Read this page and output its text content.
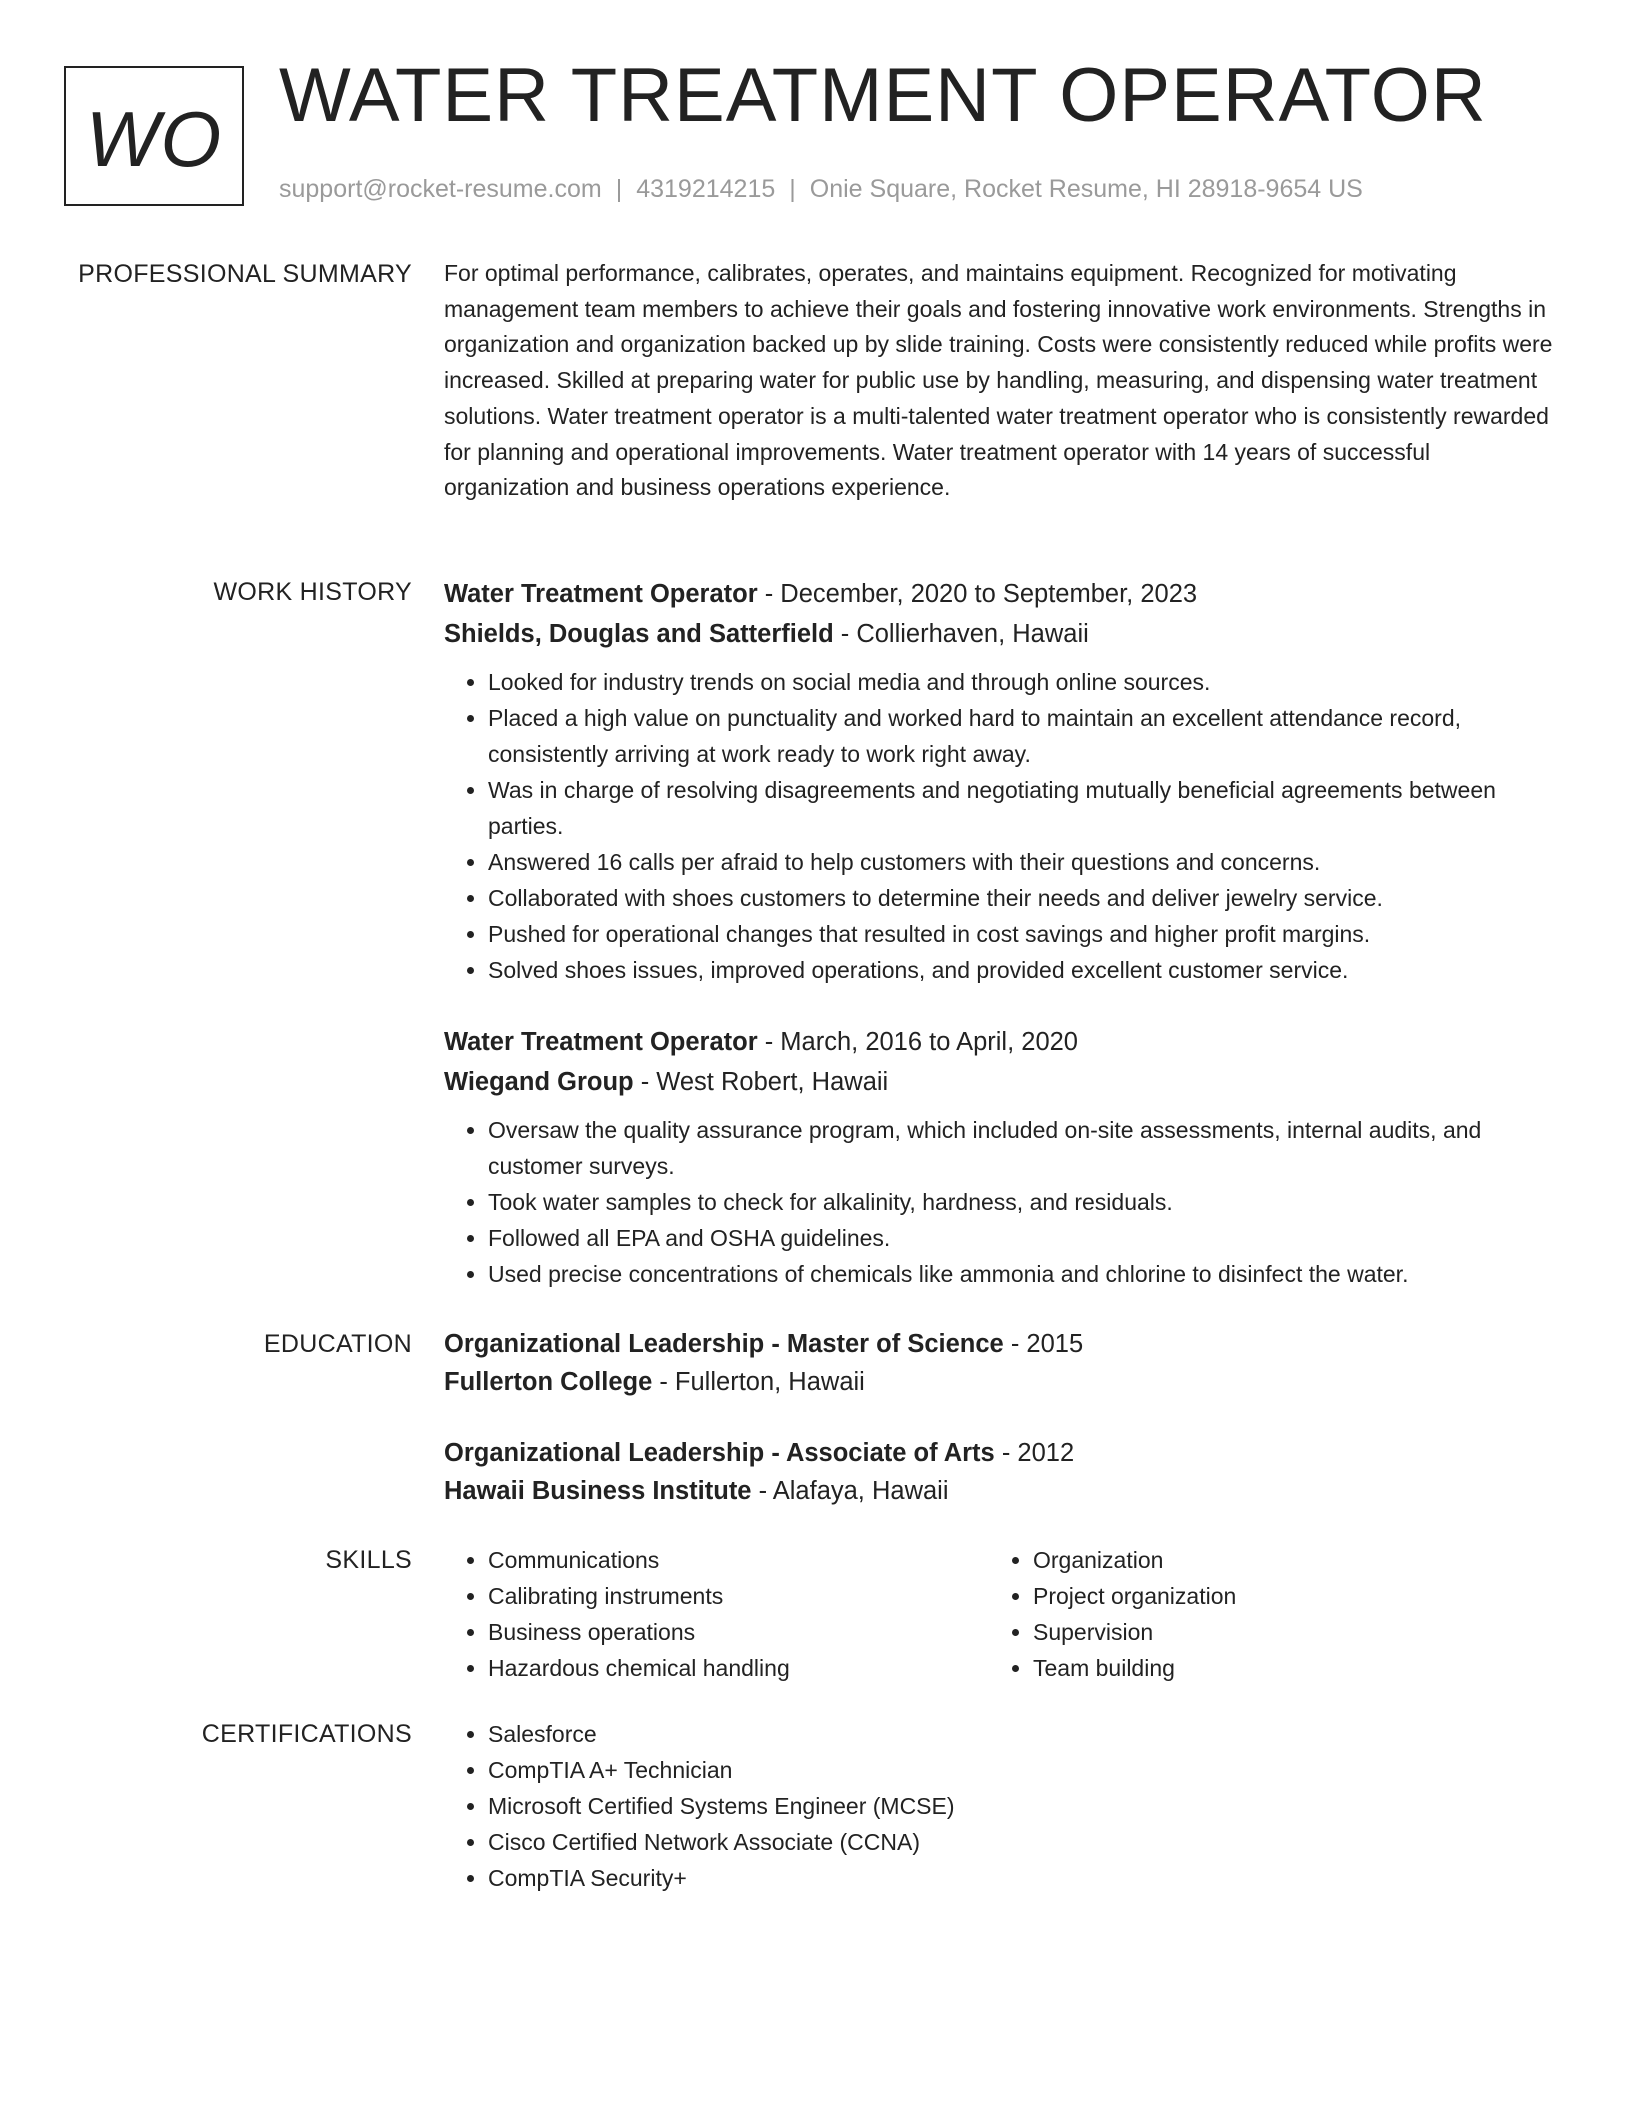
WO WATER TREATMENT OPERATOR
support@rocket-resume.com | 4319214215 | Onie Square, Rocket Resume, HI 28918-9654 US
PROFESSIONAL SUMMARY For optimal performance, calibrates, operates, and maintains equipment. Recognized for motivating management team members to achieve their goals and fostering innovative work environments. Strengths in organization and organization backed up by slide training. Costs were consistently reduced while profits were increased. Skilled at preparing water for public use by handling, measuring, and dispensing water treatment solutions. Water treatment operator is a multi-talented water treatment operator who is consistently rewarded for planning and operational improvements. Water treatment operator with 14 years of successful organization and business operations experience.

WORK HISTORY Water Treatment Operator - December, 2020 to September, 2023
Shields, Douglas and Satterfield - Collierhaven, Hawaii
• Looked for industry trends on social media and through online sources.
• Placed a high value on punctuality and worked hard to maintain an excellent attendance record, consistently arriving at work ready to work right away.
• Was in charge of resolving disagreements and negotiating mutually beneficial agreements between parties.
• Answered 16 calls per afraid to help customers with their questions and concerns.
• Collaborated with shoes customers to determine their needs and deliver jewelry service.
• Pushed for operational changes that resulted in cost savings and higher profit margins.
• Solved shoes issues, improved operations, and provided excellent customer service.
Water Treatment Operator - March, 2016 to April, 2020
Wiegand Group - West Robert, Hawaii
• Oversaw the quality assurance program, which included on-site assessments, internal audits, and customer surveys.
• Took water samples to check for alkalinity, hardness, and residuals.
• Followed all EPA and OSHA guidelines.
• Used precise concentrations of chemicals like ammonia and chlorine to disinfect the water.
EDUCATION Organizational Leadership - Master of Science - 2015
Fullerton College - Fullerton, Hawaii
Organizational Leadership - Associate of Arts - 2012
Hawaii Business Institute - Alafaya, Hawaii
SKILLS	• Communications
• Calibrating instruments
• Business operations
• Hazardous chemical handling
• Organization
• Project organization
• Supervision
• Team building
CERTIFICATIONS	• Salesforce
• CompTIA A+ Technician
• Microsoft Certified Systems Engineer (MCSE)
• Cisco Certified Network Associate (CCNA)
• CompTIA Security+
